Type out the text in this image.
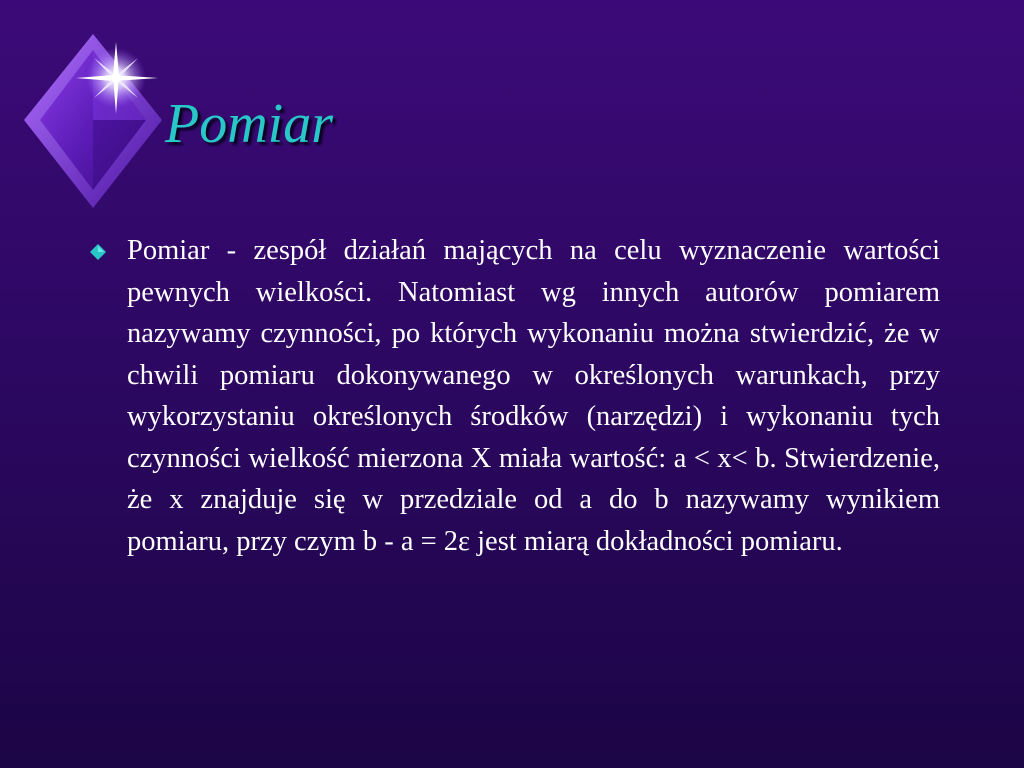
Pomiar

Pomiar - zespół działań mających na celu wyznaczenie wartości pewnych wielkości. Natomiast wg innych autorów pomiarem nazywamy czynności, po których wykonaniu można stwierdzić, że w chwili pomiaru dokonywanego w określonych warunkach, przy wykorzystaniu określonych środków (narzędzi) i wykonaniu tych czynności wielkość mierzona X miała wartość: a < x< b. Stwierdzenie, że x znajduje się w przedziale od a do b nazywamy wynikiem pomiaru, przy czym b - a = 2ε jest miarą dokładności pomiaru.
